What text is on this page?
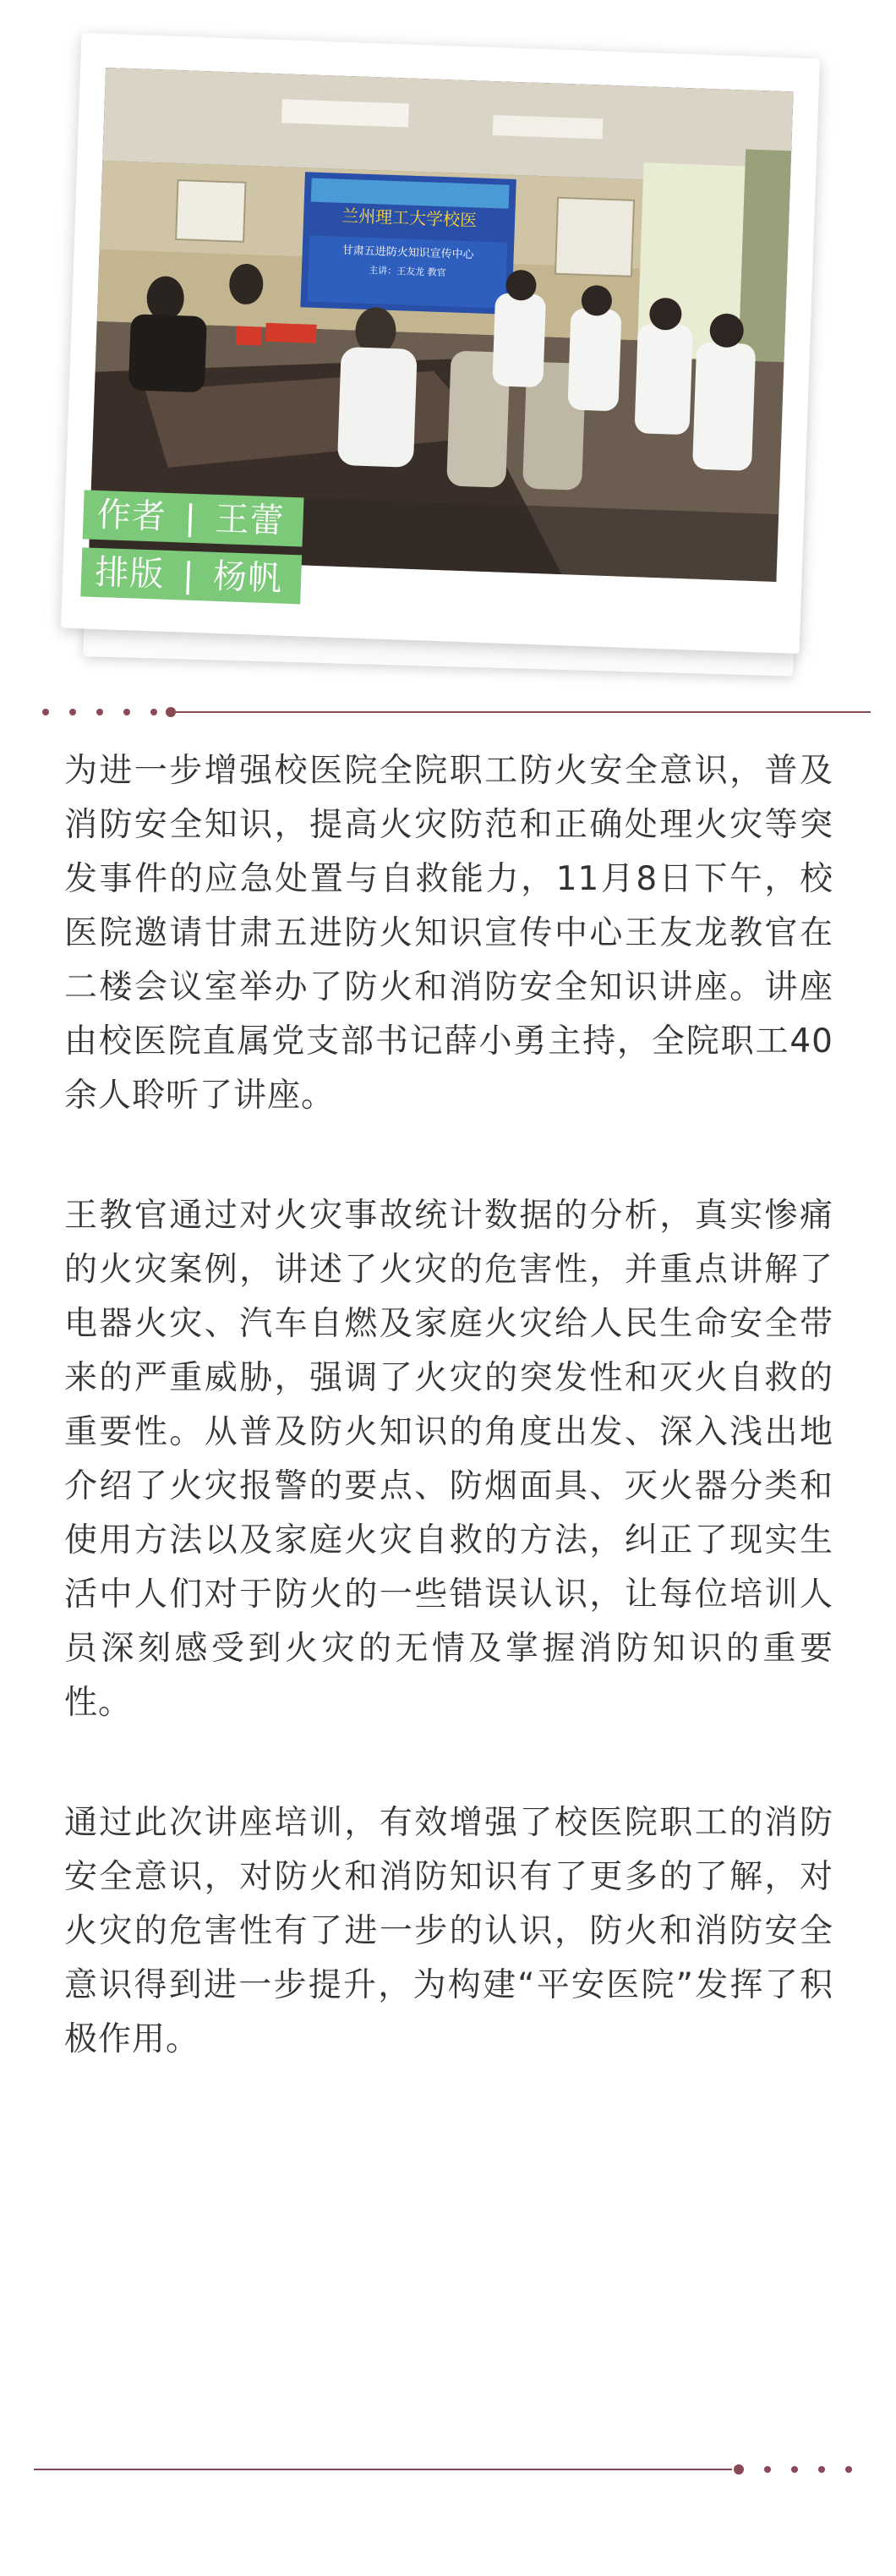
兰州理工大学校医
甘肃五进防火知识宣传中心
主讲：王友龙 教官
作者 | 王蕾
排版 | 杨帆

为进一步增强校医院全院职工防火安全意识，普及消防安全知识，提高火灾防范和正确处理火灾等突发事件的应急处置与自救能力，11月8日下午，校医院邀请甘肃五进防火知识宣传中心王友龙教官在二楼会议室举办了防火和消防安全知识讲座。讲座由校医院直属党支部书记薛小勇主持，全院职工40余人聆听了讲座。

王教官通过对火灾事故统计数据的分析，真实惨痛的火灾案例，讲述了火灾的危害性，并重点讲解了电器火灾、汽车自燃及家庭火灾给人民生命安全带来的严重威胁，强调了火灾的突发性和灭火自救的重要性。从普及防火知识的角度出发、深入浅出地介绍了火灾报警的要点、防烟面具、灭火器分类和使用方法以及家庭火灾自救的方法，纠正了现实生活中人们对于防火的一些错误认识，让每位培训人员深刻感受到火灾的无情及掌握消防知识的重要性。

通过此次讲座培训，有效增强了校医院职工的消防安全意识，对防火和消防知识有了更多的了解，对火灾的危害性有了进一步的认识，防火和消防安全意识得到进一步提升，为构建“平安医院”发挥了积极作用。
